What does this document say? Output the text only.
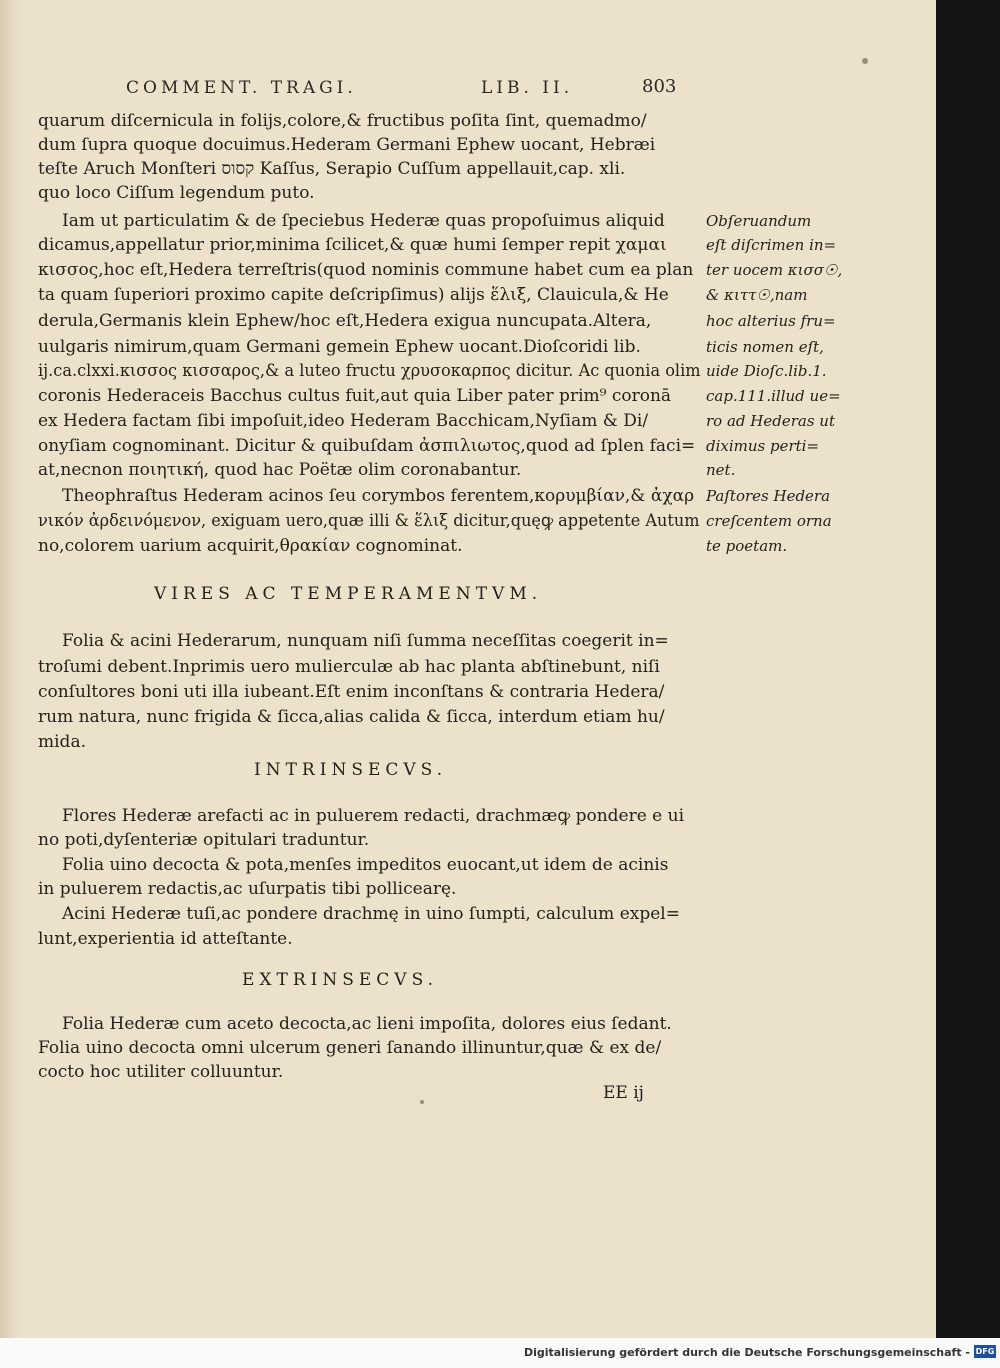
COMMENT. TRAGI.	LIB. II.	803
quarum diſcernicula in folijs,colore,& fructibus poſita ſint, quemadmo/
dum ſupra quoque docuimus.Hederam Germani Ephew uocant, Hebræi
teſte Aruch Monſteri קסוס Kaſſus, Serapio Cuſſum appellauit,cap. xli.
quo loco Ciſſum legendum puto.
Iam ut particulatim & de ſpeciebus Hederæ quas propoſuimus aliquid
dicamus,appellatur prior,minima ſcilicet,& quæ humi ſemper repit χαμαι
κισσος,hoc eſt,Hedera terreſtris(quod nominis commune habet cum ea plan
ta quam ſuperiori proximo capite deſcripſimus) alijs ἕλιξ, Clauicula,& He
derula,Germanis klein Ephew/hoc eſt,Hedera exigua nuncupata.Altera,
uulgaris nimirum,quam Germani gemein Ephew uocant.Dioſcoridi lib.
ij.ca.clxxi.κισσος κισσαρος,& a luteo fructu χρυσοκαρπος dicitur. Ac quonia olim
coronis Hederaceis Bacchus cultus fuit,aut quia Liber pater prim⁹ coronā
ex Hedera factam ſibi impoſuit,ideo Hederam Bacchicam,Nyſiam & Di/
onyſiam cognominant. Dicitur & quibuſdam ἀσπιλιωτος,quod ad ſplen faci=
at,necnon ποιητική, quod hac Poëtæ olim coronabantur.
Theophraſtus Hederam acinos ſeu corymbos ferentem,κορυμβίαν,& ἀχαρ
νικόν ἀρδεινόμενον, exiguam uero,quæ illi & ἕλιξ dicitur,quęꝙ appetente Autum
no,colorem uarium acquirit,θρακίαν cognominat.
Obſeruandum
eſt diſcrimen in=
ter uocem κισσ☉,
& κιττ☉,nam
hoc alterius fru=
ticis nomen eſt,
uide Dioſc.lib.1.
cap.111.illud ue=
ro ad Hederas ut
diximus perti=
net.
Paſtores Hedera
creſcentem orna
te poetam.
VIRES AC TEMPERAMENTVM.
Folia & acini Hederarum, nunquam niſi ſumma neceſſitas coegerit in=
troſumi debent.Inprimis uero mulierculæ ab hac planta abſtinebunt, niſi
conſultores boni uti illa iubeant.Eſt enim inconſtans & contraria Hedera/
rum natura, nunc frigida & ſicca,alias calida & ſicca, interdum etiam hu/
mida.
INTRINSECVS.
Flores Hederæ arefacti ac in puluerem redacti, drachmæꝙ pondere e ui
no poti,dyſenteriæ opitulari traduntur.
Folia uino decocta & pota,menſes impeditos euocant,ut idem de acinis
in puluerem redactis,ac uſurpatis tibi pollicearę.
Acini Hederæ tuſi,ac pondere drachmę in uino ſumpti, calculum expel=
lunt,experientia id atteſtante.
EXTRINSECVS.
Folia Hederæ cum aceto decocta,ac lieni impoſita, dolores eius ſedant.
Folia uino decocta omni ulcerum generi ſanando illinuntur,quæ & ex de/
cocto hoc utiliter colluuntur.
EE ij
Digitalisierung gefördert durch die Deutsche Forschungsgemeinschaft - DFG
